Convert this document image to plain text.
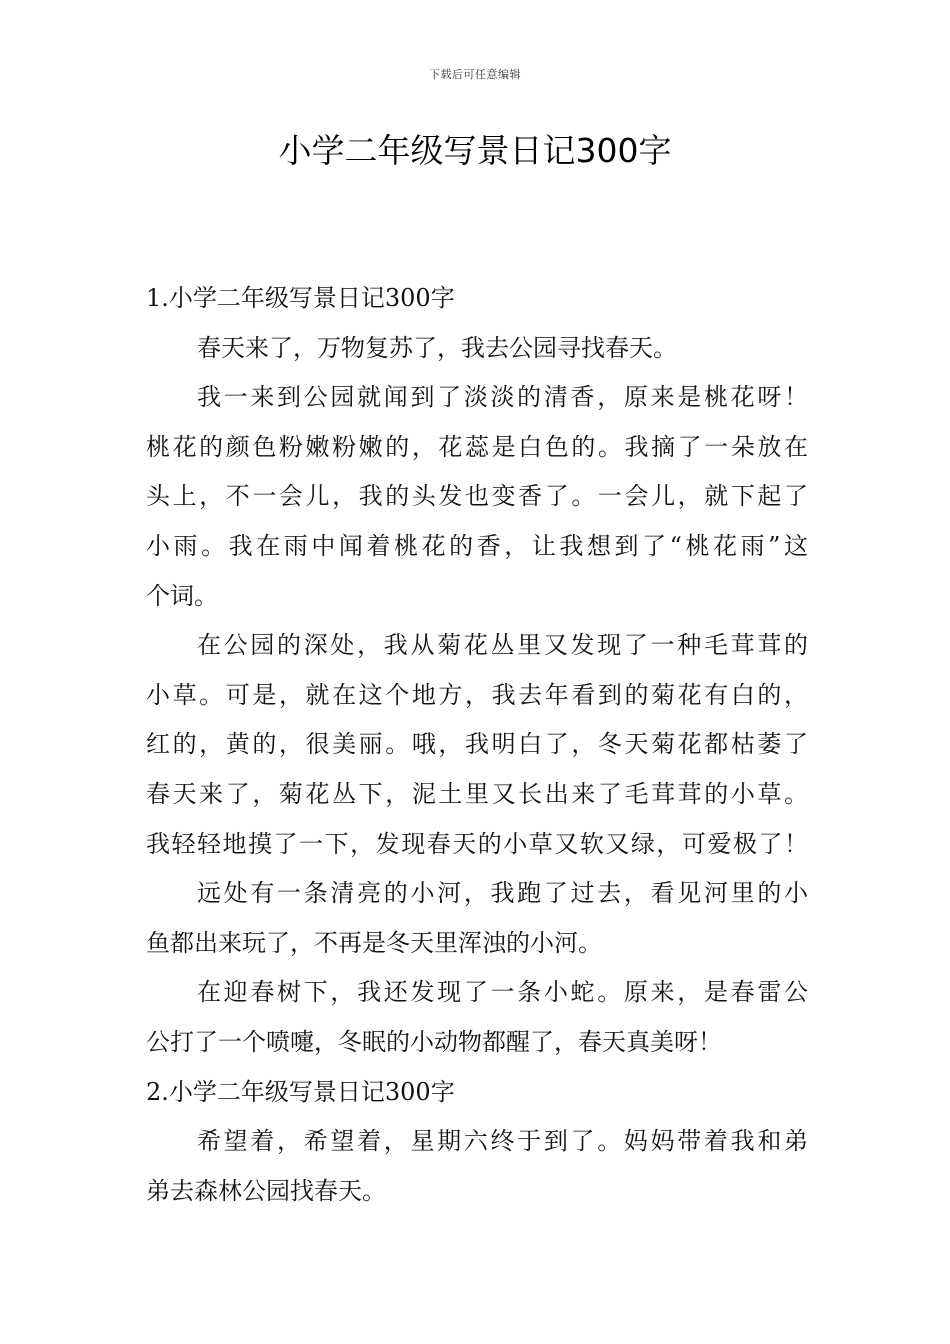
下载后可任意编辑
小学二年级写景日记300字

1.小学二年级写景日记300字

春天来了，万物复苏了，我去公园寻找春天。

我一来到公园就闻到了淡淡的清香，原来是桃花呀！

桃花的颜色粉嫩粉嫩的，花蕊是白色的。我摘了一朵放在

头上，不一会儿，我的头发也变香了。一会儿，就下起了

小雨。我在雨中闻着桃花的香，让我想到了“桃花雨”这

个词。

在公园的深处，我从菊花丛里又发现了一种毛茸茸的

小草。可是，就在这个地方，我去年看到的菊花有白的，

红的，黄的，很美丽。哦，我明白了，冬天菊花都枯萎了

春天来了，菊花丛下，泥土里又长出来了毛茸茸的小草。

我轻轻地摸了一下，发现春天的小草又软又绿，可爱极了！

远处有一条清亮的小河，我跑了过去，看见河里的小

鱼都出来玩了，不再是冬天里浑浊的小河。

在迎春树下，我还发现了一条小蛇。原来，是春雷公

公打了一个喷嚏，冬眠的小动物都醒了，春天真美呀！

2.小学二年级写景日记300字

希望着，希望着，星期六终于到了。妈妈带着我和弟

弟去森林公园找春天。
